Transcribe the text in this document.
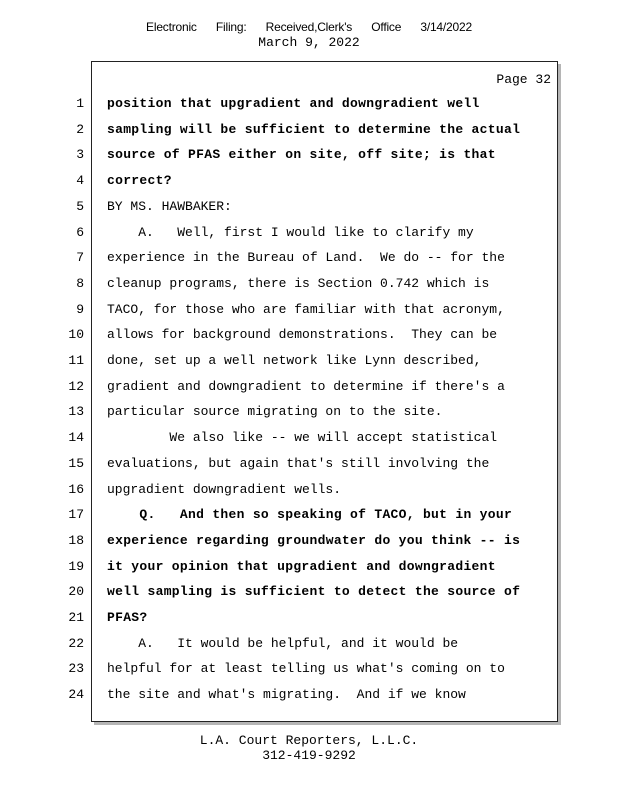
Electronic Filing: Received,Clerk's Office 3/14/2022
March 9, 2022
Page 32
1 position that upgradient and downgradient well
2 sampling will be sufficient to determine the actual
3 source of PFAS either on site, off site; is that
4 correct?
5 BY MS. HAWBAKER:
6 A.   Well, first I would like to clarify my
7 experience in the Bureau of Land.  We do -- for the
8 cleanup programs, there is Section 0.742 which is
9 TACO, for those who are familiar with that acronym,
10 allows for background demonstrations.  They can be
11 done, set up a well network like Lynn described,
12 gradient and downgradient to determine if there's a
13 particular source migrating on to the site.
14 We also like -- we will accept statistical
15 evaluations, but again that's still involving the
16 upgradient downgradient wells.
17 Q.   And then so speaking of TACO, but in your
18 experience regarding groundwater do you think -- is
19 it your opinion that upgradient and downgradient
20 well sampling is sufficient to detect the source of
21 PFAS?
22 A.   It would be helpful, and it would be
23 helpful for at least telling us what's coming on to
24 the site and what's migrating.  And if we know
L.A. Court Reporters, L.L.C.
312-419-9292
